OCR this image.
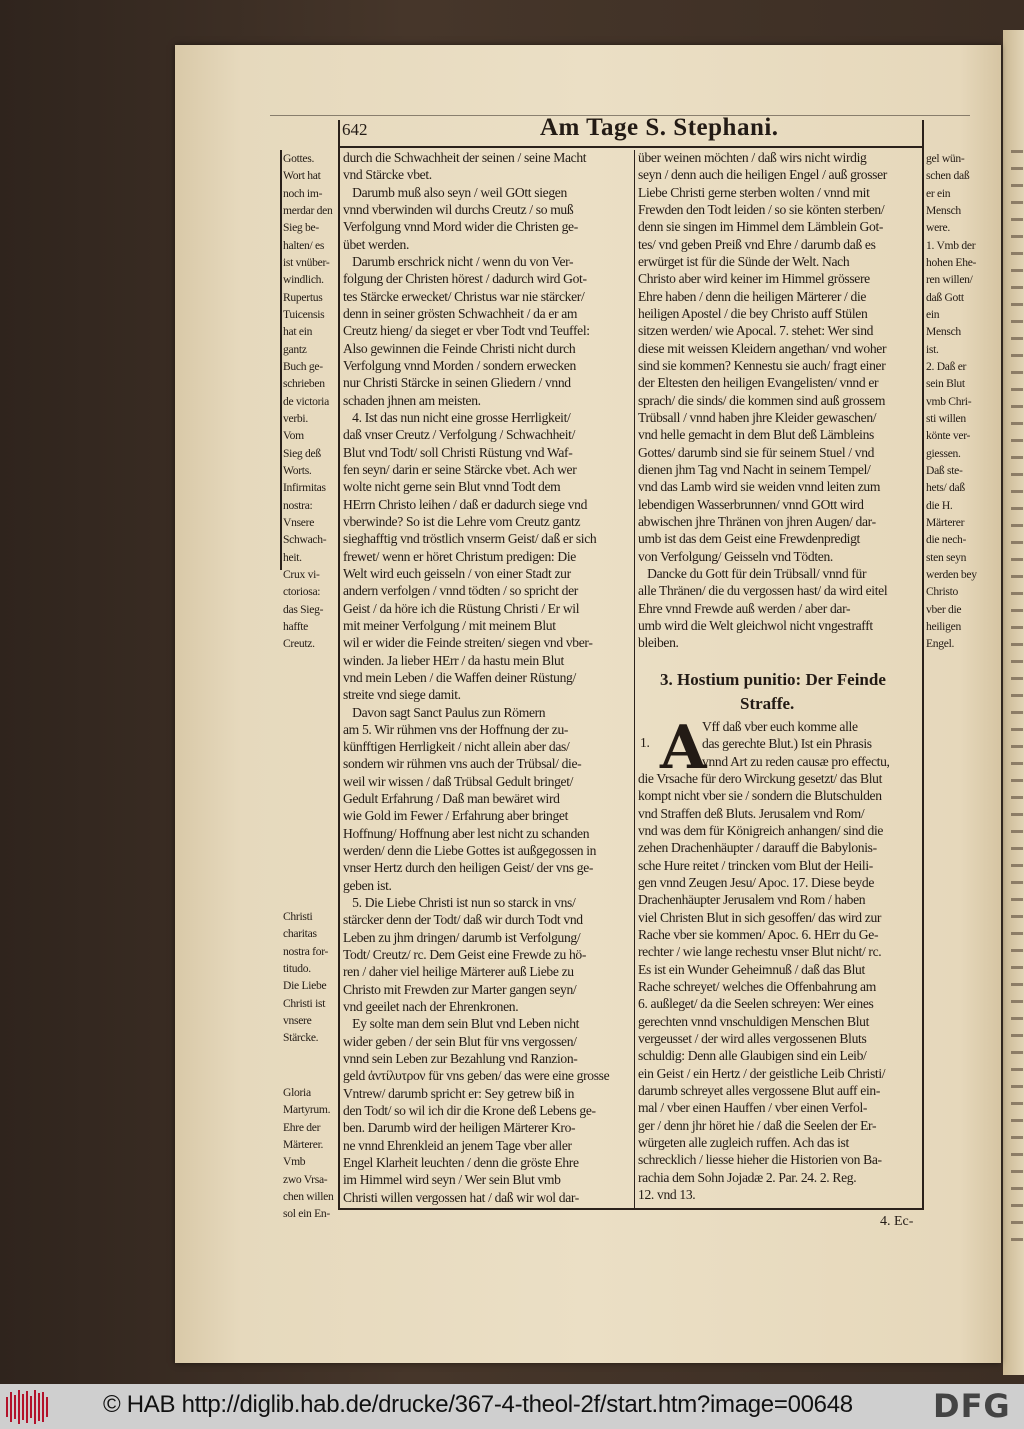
642	Am Tage S. Stephani.
Gottes.
Wort hat
noch im-
merdar den
Sieg be-
halten/ es
ist vnüber-
windlich.
Rupertus
Tuicensis
hat ein
gantz
Buch ge-
schrieben
de victoria
verbi.
Vom
Sieg deß
Worts.
Infirmitas
nostra:
Vnsere
Schwach-
heit.
Crux vi-
ctoriosa:
das Sieg-
haffte
Creutz.
Christi
charitas
nostra for-
titudo.
Die Liebe
Christi ist
vnsere
Stärcke.
Gloria
Martyrum.
Ehre der
Märterer.
Vmb
zwo Vrsa-
chen willen
sol ein En-
gel wün-
schen daß
er ein
Mensch
were.
1. Vmb der
hohen Ehe-
ren willen/
daß Gott
ein
Mensch
ist.
2. Daß er
sein Blut
vmb Chri-
sti willen
könte ver-
giessen.
Daß ste-
hets/ daß
die H.
Märterer
die nech-
sten seyn
werden bey
Christo
vber die
heiligen
Engel.
durch die Schwachheit der seinen / seine Macht
vnd Stärcke vbet.
Darumb muß also seyn / weil GOtt siegen
vnnd vberwinden wil durchs Creutz / so muß
Verfolgung vnnd Mord wider die Christen ge-
übet werden.
Darumb erschrick nicht / wenn du von Ver-
folgung der Christen hörest / dadurch wird Got-
tes Stärcke erwecket/ Christus war nie stärcker/
denn in seiner grösten Schwachheit / da er am
Creutz hieng/ da sieget er vber Todt vnd Teuffel:
Also gewinnen die Feinde Christi nicht durch
Verfolgung vnnd Morden / sondern erwecken
nur Christi Stärcke in seinen Gliedern / vnnd
schaden jhnen am meisten.
4. Ist das nun nicht eine grosse Herrligkeit/
daß vnser Creutz / Verfolgung / Schwachheit/
Blut vnd Todt/ soll Christi Rüstung vnd Waf-
fen seyn/ darin er seine Stärcke vbet. Ach wer
wolte nicht gerne sein Blut vnnd Todt dem
HErrn Christo leihen / daß er dadurch siege vnd
vberwinde? So ist die Lehre vom Creutz gantz
sieghafftig vnd tröstlich vnserm Geist/ daß er sich
frewet/ wenn er höret Christum predigen: Die
Welt wird euch geisseln / von einer Stadt zur
andern verfolgen / vnnd tödten / so spricht der
Geist / da höre ich die Rüstung Christi / Er wil
mit meiner Verfolgung / mit meinem Blut
wil er wider die Feinde streiten/ siegen vnd vber-
winden. Ja lieber HErr / da hastu mein Blut
vnd mein Leben / die Waffen deiner Rüstung/
streite vnd siege damit.
Davon sagt Sanct Paulus zun Römern
am 5. Wir rühmen vns der Hoffnung der zu-
künfftigen Herrligkeit / nicht allein aber das/
sondern wir rühmen vns auch der Trübsal/ die-
weil wir wissen / daß Trübsal Gedult bringet/
Gedult Erfahrung / Daß man bewäret wird
wie Gold im Fewer / Erfahrung aber bringet
Hoffnung/ Hoffnung aber lest nicht zu schanden
werden/ denn die Liebe Gottes ist außgegossen in
vnser Hertz durch den heiligen Geist/ der vns ge-
geben ist.
5. Die Liebe Christi ist nun so starck in vns/
stärcker denn der Todt/ daß wir durch Todt vnd
Leben zu jhm dringen/ darumb ist Verfolgung/
Todt/ Creutz/ rc. Dem Geist eine Frewde zu hö-
ren / daher viel heilige Märterer auß Liebe zu
Christo mit Frewden zur Marter gangen seyn/
vnd geeilet nach der Ehrenkronen.
Ey solte man dem sein Blut vnd Leben nicht
wider geben / der sein Blut für vns vergossen/
vnnd sein Leben zur Bezahlung vnd Ranzion-
geld ἀντίλυτρον für vns geben/ das were eine grosse
Vntrew/ darumb spricht er: Sey getrew biß in
den Todt/ so wil ich dir die Krone deß Lebens ge-
ben. Darumb wird der heiligen Märterer Kro-
ne vnnd Ehrenkleid an jenem Tage vber aller
Engel Klarheit leuchten / denn die gröste Ehre
im Himmel wird seyn / Wer sein Blut vmb
Christi willen vergossen hat / daß wir wol dar-
über weinen möchten / daß wirs nicht wirdig
seyn / denn auch die heiligen Engel / auß grosser
Liebe Christi gerne sterben wolten / vnnd mit
Frewden den Todt leiden / so sie könten sterben/
denn sie singen im Himmel dem Lämblein Got-
tes/ vnd geben Preiß vnd Ehre / darumb daß es
erwürget ist für die Sünde der Welt. Nach
Christo aber wird keiner im Himmel grössere
Ehre haben / denn die heiligen Märterer / die
heiligen Apostel / die bey Christo auff Stülen
sitzen werden/ wie Apocal. 7. stehet: Wer sind
diese mit weissen Kleidern angethan/ vnd woher
sind sie kommen? Kennestu sie auch/ fragt einer
der Eltesten den heiligen Evangelisten/ vnnd er
sprach/ die sinds/ die kommen sind auß grossem
Trübsall / vnnd haben jhre Kleider gewaschen/
vnd helle gemacht in dem Blut deß Lämbleins
Gottes/ darumb sind sie für seinem Stuel / vnd
dienen jhm Tag vnd Nacht in seinem Tempel/
vnd das Lamb wird sie weiden vnnd leiten zum
lebendigen Wasserbrunnen/ vnnd GOtt wird
abwischen jhre Thränen von jhren Augen/ dar-
umb ist das dem Geist eine Frewdenpredigt
von Verfolgung/ Geisseln vnd Tödten.
Dancke du Gott für dein Trübsall/ vnnd für
alle Thränen/ die du vergossen hast/ da wird eitel
Ehre vnnd Frewde auß werden / aber dar-
umb wird die Welt gleichwol nicht vngestrafft
bleiben.
3. Hostium punitio: Der Feinde
Straffe.
1. A
Vff daß vber euch komme alle
das gerechte Blut.) Ist ein Phrasis
vnnd Art zu reden causæ pro effectu,
die Vrsache für dero Wirckung gesetzt/ das Blut
kompt nicht vber sie / sondern die Blutschulden
vnd Straffen deß Bluts. Jerusalem vnd Rom/
vnd was dem für Königreich anhangen/ sind die
zehen Drachenhäupter / darauff die Babylonis-
sche Hure reitet / trincken vom Blut der Heili-
gen vnnd Zeugen Jesu/ Apoc. 17. Diese beyde
Drachenhäupter Jerusalem vnd Rom / haben
viel Christen Blut in sich gesoffen/ das wird zur
Rache vber sie kommen/ Apoc. 6. HErr du Ge-
rechter / wie lange rechestu vnser Blut nicht/ rc.
Es ist ein Wunder Geheimnuß / daß das Blut
Rache schreyet/ welches die Offenbahrung am
6. außleget/ da die Seelen schreyen: Wer eines
gerechten vnnd vnschuldigen Menschen Blut
vergeusset / der wird alles vergossenen Bluts
schuldig: Denn alle Glaubigen sind ein Leib/
ein Geist / ein Hertz / der geistliche Leib Christi/
darumb schreyet alles vergossene Blut auff ein-
mal / vber einen Hauffen / vber einen Verfol-
ger / denn jhr höret hie / daß die Seelen der Er-
würgeten alle zugleich ruffen. Ach das ist
schrecklich / liesse hieher die Historien von Ba-
rachia dem Sohn Jojadæ 2. Par. 24. 2. Reg.
12. vnd 13.
4. Ec-
© HAB http://diglib.hab.de/drucke/367-4-theol-2f/start.htm?image=00648	DFG
